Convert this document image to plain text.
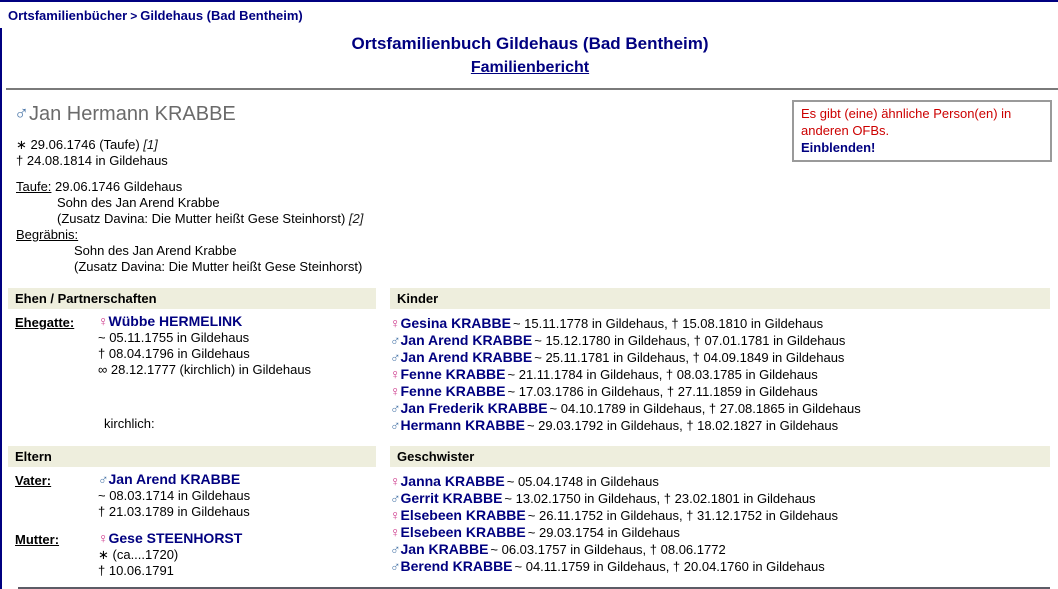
Ortsfamilienbücher > Gildehaus (Bad Bentheim)
Ortsfamilienbuch Gildehaus (Bad Bentheim)
Familienbericht
♂Jan Hermann KRABBE
∗ 29.06.1746 (Taufe) [1]
† 24.08.1814 in Gildehaus
Taufe: 29.06.1746 Gildehaus
Sohn des Jan Arend Krabbe
(Zusatz Davina: Die Mutter heißt Gese Steinhorst) [2]
Begräbnis:
Sohn des Jan Arend Krabbe
(Zusatz Davina: Die Mutter heißt Gese Steinhorst)
Ehen / Partnerschaften
Ehegatte:	♀Wübbe HERMELINK
~ 05.11.1755 in Gildehaus
† 08.04.1796 in Gildehaus
∞ 28.12.1777 (kirchlich) in Gildehaus
kirchlich:
Kinder
♀Gesina KRABBE ~ 15.11.1778 in Gildehaus, † 15.08.1810 in Gildehaus
♂Jan Arend KRABBE ~ 15.12.1780 in Gildehaus, † 07.01.1781 in Gildehaus
♂Jan Arend KRABBE ~ 25.11.1781 in Gildehaus, † 04.09.1849 in Gildehaus
♀Fenne KRABBE ~ 21.11.1784 in Gildehaus, † 08.03.1785 in Gildehaus
♀Fenne KRABBE ~ 17.03.1786 in Gildehaus, † 27.11.1859 in Gildehaus
♂Jan Frederik KRABBE ~ 04.10.1789 in Gildehaus, † 27.08.1865 in Gildehaus
♂Hermann KRABBE ~ 29.03.1792 in Gildehaus, † 18.02.1827 in Gildehaus
Eltern
Vater:	♂Jan Arend KRABBE
~ 08.03.1714 in Gildehaus
† 21.03.1789 in Gildehaus
Mutter:	♀Gese STEENHORST
∗ (ca....1720)
† 10.06.1791
Geschwister
♀Janna KRABBE ~ 05.04.1748 in Gildehaus
♂Gerrit KRABBE ~ 13.02.1750 in Gildehaus, † 23.02.1801 in Gildehaus
♀Elsebeen KRABBE ~ 26.11.1752 in Gildehaus, † 31.12.1752 in Gildehaus
♀Elsebeen KRABBE ~ 29.03.1754 in Gildehaus
♂Jan KRABBE ~ 06.03.1757 in Gildehaus, † 08.06.1772
♂Berend KRABBE ~ 04.11.1759 in Gildehaus, † 20.04.1760 in Gildehaus
Es gibt (eine) ähnliche Person(en) in anderen OFBs.
Einblenden!
